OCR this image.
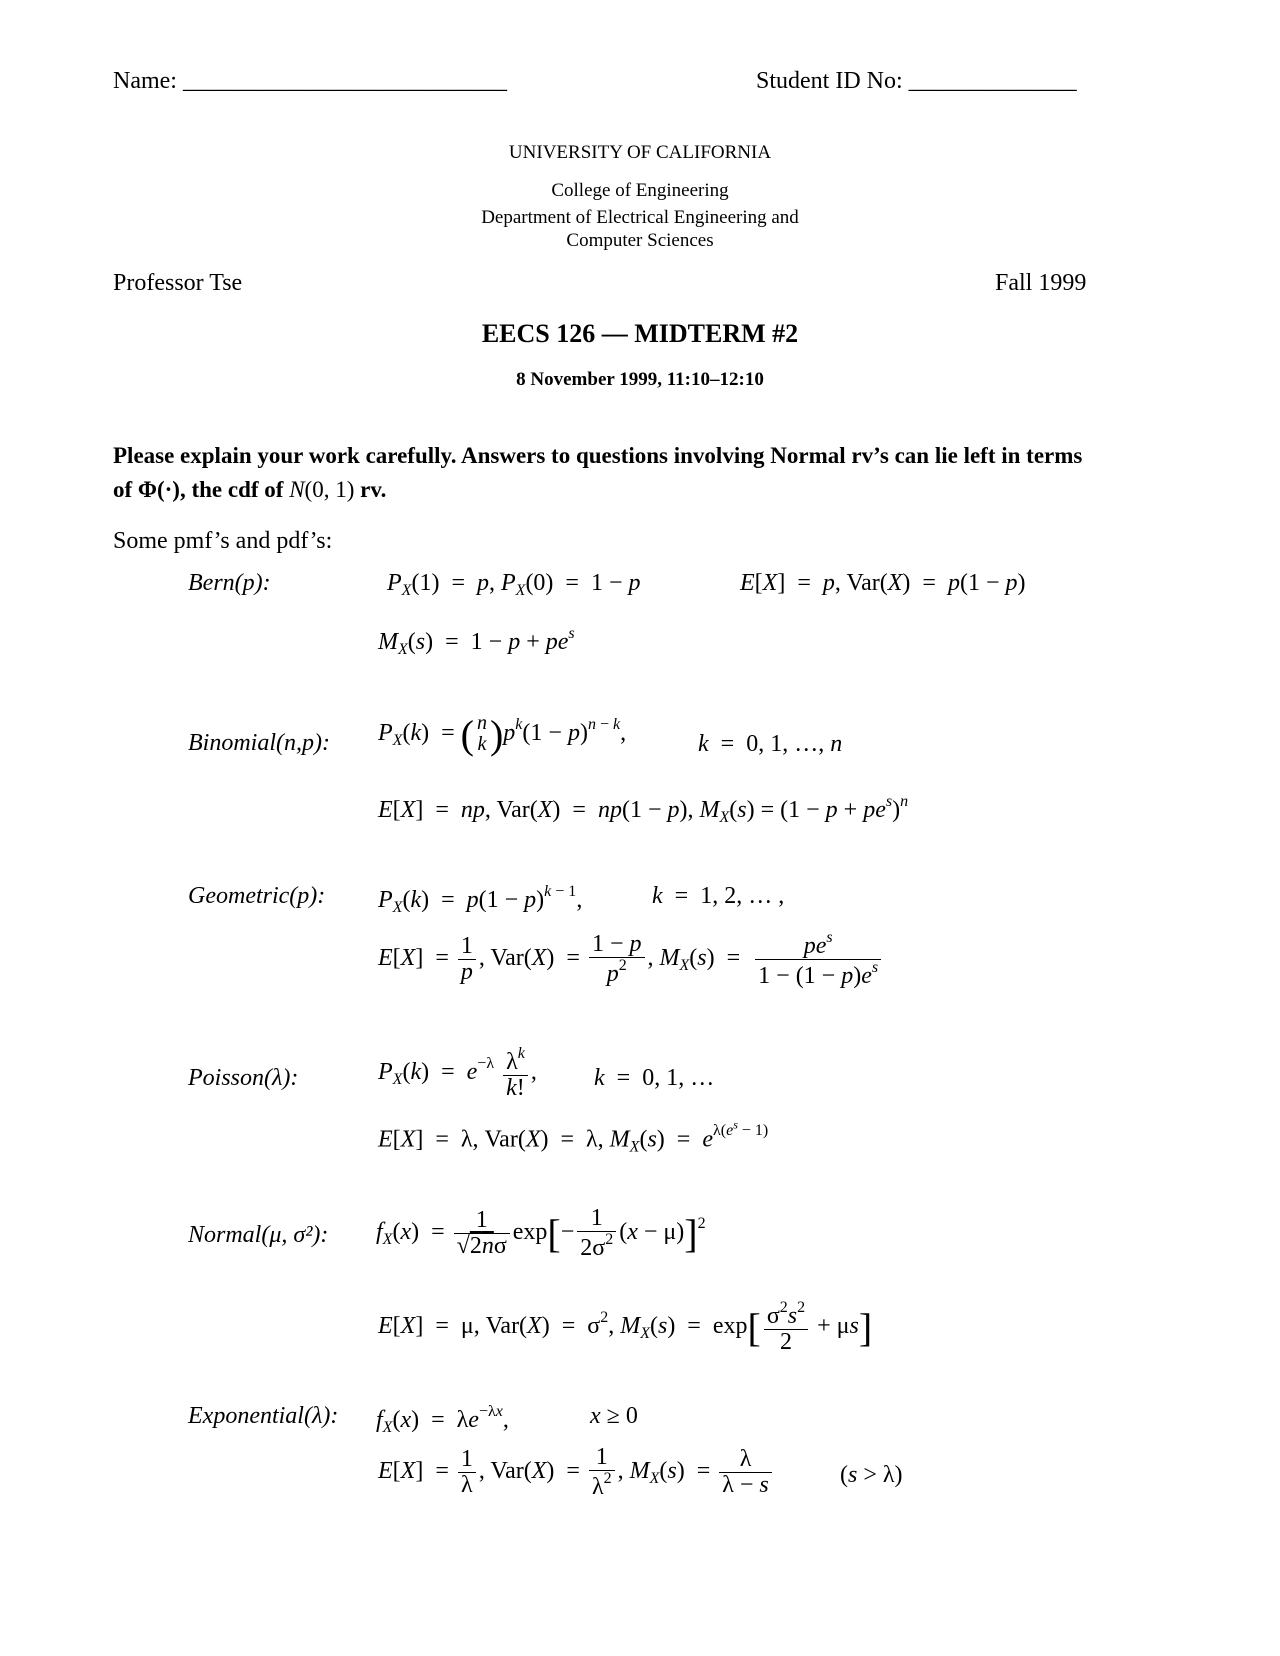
Name: ___________________________	Student ID No: ______________
UNIVERSITY OF CALIFORNIA
College of Engineering
Department of Electrical Engineering and
Computer Sciences
Professor Tse	Fall 1999
EECS 126 — MIDTERM #2
8 November 1999, 11:10–12:10
Please explain your work carefully. Answers to questions involving Normal rv’s can lie left in terms
of Φ(·), the cdf of N(0, 1) rv.
Some pmf’s and pdf’s:
Bern(p):	$P_X(1) = p$, $P_X(0) = 1 - p$	E[X]  =  p, Var(X)  =  p(1 − p)
$M_X(s) = 1 - p + pe^s$
Binomial(n,p): $P_X(k)$  = ( n
k )$p^k(1 - p)^{n - k}$,	k  =  0, 1, …, n
E[X]  =  np, Var(X)  =  np(1 − p), $M_X(s) = (1 - p + pe^s)^n$
Geometric(p): $P_X(k) = p(1 - p)^{k - 1}$,	k  =  1, 2, … ,
$E[X] = \frac{1}{p}$ , $Var(X) = \frac{1 - p}{p^2}$ , $M_X(s) = \frac{pe^s}{1 - (1 - p)e^s}$
Poisson(λ):	$P_X(k) = e^{-\lambda} \frac{\lambda^k}{k!}$ , k  =  0, 1, …
E[X]  =  λ, Var(X)  =  λ, $M_X(s) = e^{\lambda(e^s - 1)}$
Normal(μ, σ²): $f_X(x) = \frac{1}{√2n\sigma} \exp[- \frac{1}{2\sigma^2} (x - \mu)]^2$
E[X]  =  μ, $Var(X) = \sigma^2$, $M_X(s) = \exp[ \frac{\sigma^2s^2}{2} + \mu s]$
Exponential(λ): $f_X(x) = \lambda e^{-\lambda x}$,	x ≥ 0
$E[X] = \frac{1}{\lambda}$ , $Var(X) = \frac{1}{\lambda^2}$ , $M_X(s) = \frac{\lambda}{\lambda - s}$	(s > λ)
